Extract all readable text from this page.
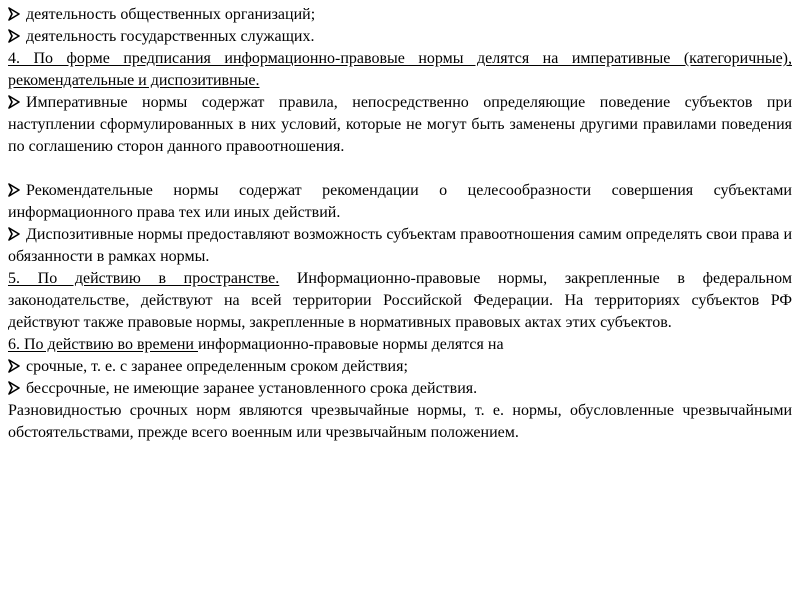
деятельность общественных организаций;

деятельность государственных служащих.

4. По форме предписания информационно-правовые нормы делятся на императивные (категоричные), рекомендательные и диспозитивные.

Императивные нормы содержат правила, непосредственно определяющие поведение субъектов при наступлении сформулированных в них условий, которые не могут быть заменены другими правилами поведения по соглашению сторон данного правоотношения.

Рекомендательные нормы содержат рекомендации о целесообразности совершения субъектами информационного права тех или иных действий.

Диспозитивные нормы предоставляют возможность субъектам правоотношения самим определять свои права и обязанности в рамках нормы.

5. По действию в пространстве. Информационно-правовые нормы, закрепленные в федеральном законодательстве, действуют на всей территории Российской Федерации. На территориях субъектов РФ действуют также правовые нормы, закрепленные в нормативных правовых актах этих субъектов.

6. По действию во времени информационно-правовые нормы делятся на

срочные, т. е. с заранее определенным сроком действия;

бессрочные, не имеющие заранее установленного срока действия.

Разновидностью срочных норм являются чрезвычайные нормы, т. е. нормы, обусловленные чрезвычайными обстоятельствами, прежде всего военным или чрезвычайным положением.
